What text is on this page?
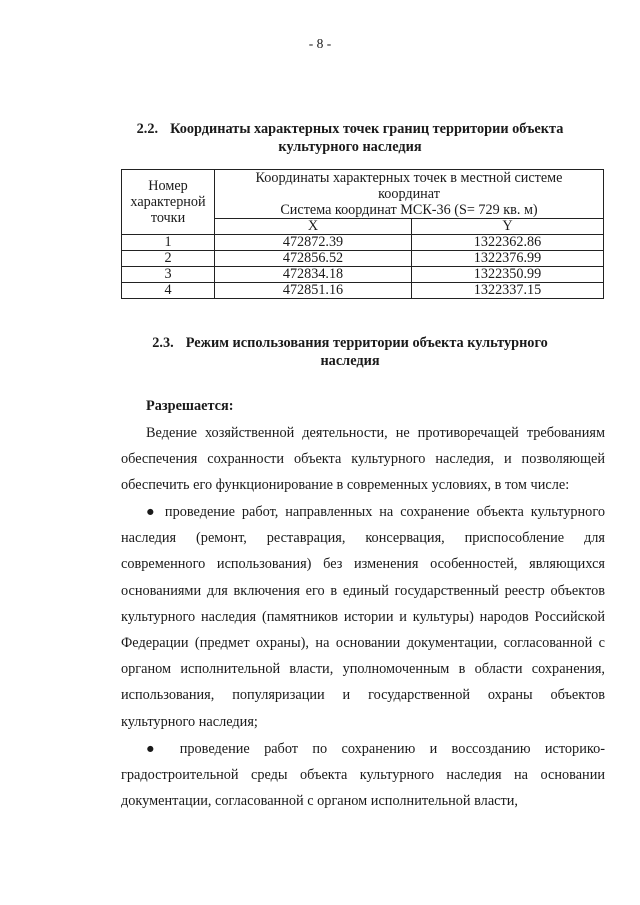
- 8 -
2.2. Координаты характерных точек границ территории объекта
культурного наследия
Номер характерной точки	Координаты характерных точек в местной системе
координат
Система координат МСК-36 (S= 729 кв. м)	

	X	Y
1	472872.39	1322362.86
2	472856.52	1322376.99
3	472834.18	1322350.99
4	472851.16	1322337.15
2.3. Режим использования территории объекта культурного
наследия
Разрешается:

Ведение хозяйственной деятельности, не противоречащей требованиям обеспечения сохранности объекта культурного наследия, и позволяющей обеспечить его функционирование в современных условиях, в том числе:

● проведение работ, направленных на сохранение объекта культурного наследия (ремонт, реставрация, консервация, приспособление для современного использования) без изменения особенностей, являющихся основаниями для включения его в единый государственный реестр объектов культурного наследия (памятников истории и культуры) народов Российской Федерации (предмет охраны), на основании документации, согласованной с органом исполнительной власти, уполномоченным в области сохранения, использования, популяризации и государственной охраны объектов культурного наследия;

● проведение работ по сохранению и воссозданию историко-градостроительной среды объекта культурного наследия на основании документации, согласованной с органом исполнительной власти,
